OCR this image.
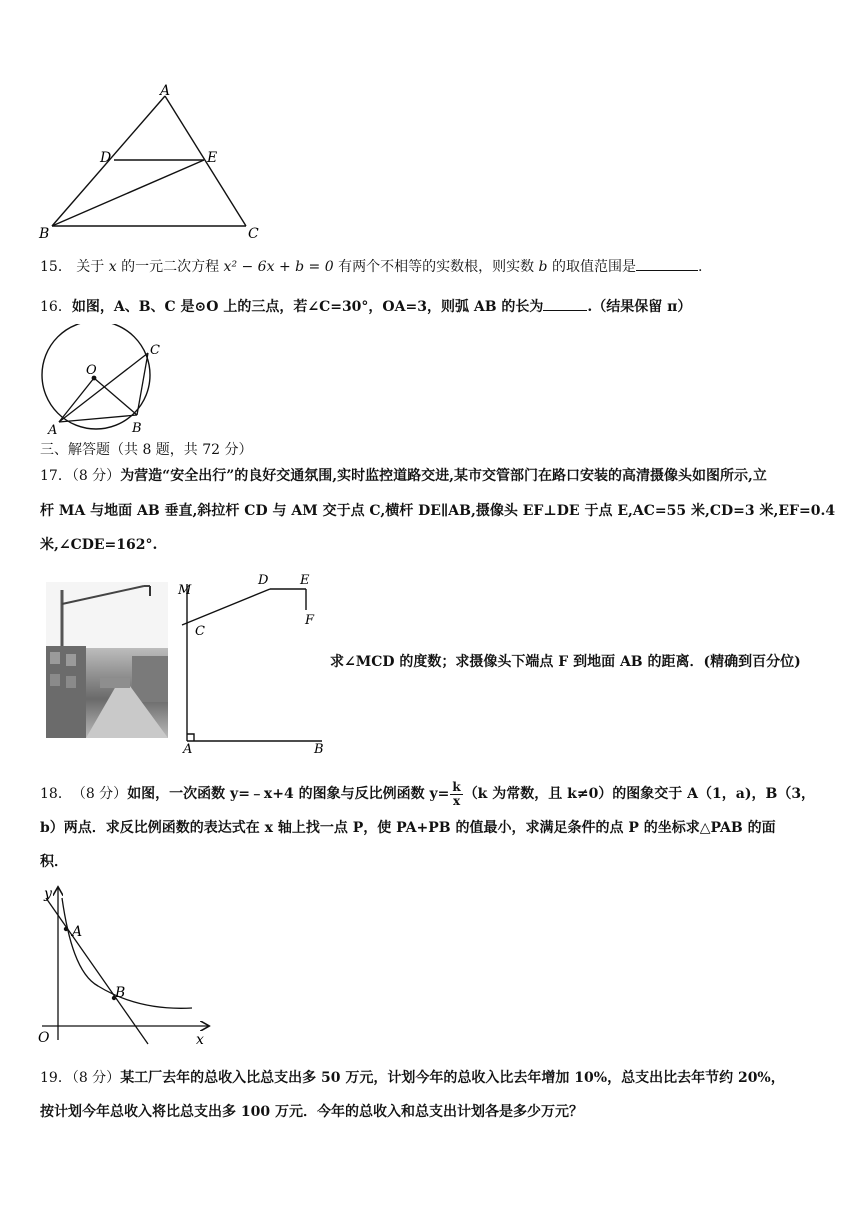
A
D	E
B	C
15． 关于 x 的一元二次方程 x² − 6x + b = 0 有两个不相等的实数根，则实数 b 的取值范围是	.
16．如图，A、B、C 是⊙O 上的三点，若∠C=30°，OA=3，则弧 AB 的长为	.（结果保留 π）
O
A	B
C
三、解答题（共 8 题，共 72 分）
17．（8 分）为营造“安全出行”的良好交通氛围,实时监控道路交进,某市交管部门在路口安装的高清摄像头如图所示,立
杆 MA 与地面 AB 垂直,斜拉杆 CD 与 AM 交于点 C,横杆 DE∥AB,摄像头 EF⊥DE 于点 E,AC=55 米,CD=3 米,EF=0.4
米,∠CDE=162°.
M
C
D E
F
A	B
求∠MCD 的度数；求摄像头下端点 F 到地面 AB 的距离．(精确到百分位)
18． （8 分） 如图，一次函数 y=﹣x+4 的图象与反比例函数 $y= \frac{k}{x} (k$ 为常数，且 k≠0）的图象交于 A（1，a)，B（3，
b）两点．求反比例函数的表达式在 x 轴上找一点 P，使 PA+PB 的值最小，求满足条件的点 P 的坐标求△PAB 的面
积．
y
A
B
O	x
19．（8 分）某工厂去年的总收入比总支出多 50 万元，计划今年的总收入比去年增加 10%，总支出比去年节约 20%，
按计划今年总收入将比总支出多 100 万元．今年的总收入和总支出计划各是多少万元？
